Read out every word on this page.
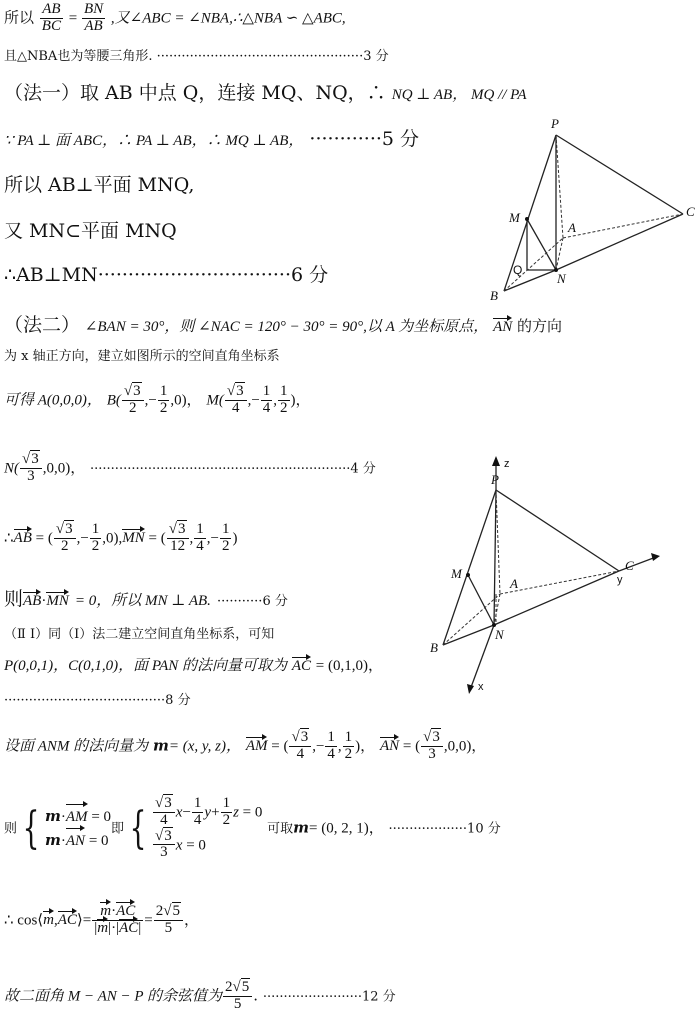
所以 $\frac{AB}{BC} = \frac{BN}{AB}$ ,又∠ABC = ∠NBA,∴△NBA ∽ △ABC,
且△NBA也为等腰三角形. ··················································3 分
（法一）取 AB 中点 Q，连接 MQ、NQ，∴ NQ ⊥ AB， MQ // PA
∵ PA ⊥ 面 ABC，∴ PA ⊥ AB，∴ MQ ⊥ AB， ············5 分
所以 AB⊥平面 MNQ,
又 MN⊂平面 MNQ
∴AB⊥MN································6 分
P
C
M
A
Q
N
B
（法二） ∠BAN = 30°，则 ∠NAC = 120° − 30° = 90°,以 A 为坐标原点， AN 的方向
为 x 轴正方向，建立如图所示的空间直角坐标系
可得 A(0,0,0)， $B( \frac{√3}{2}$ ,− $\frac{1}{2} ,0$)， $M( \frac{√3}{4}$ ,− $\frac{1}{4}$ , $\frac{1}{2}$ )，
$N( \frac{√3}{3} ,0,0)$， ·······························································4 分	z
P
M
A
C
y
B
N
x
∴AB = ( $\frac{√3}{2}$ ,− $\frac{1}{2} ,0),MN$ = ( $\frac{√3}{12}$ , $\frac{1}{4}$ ,− $\frac{1}{2}$ )
则AB·MN = 0，所以 MN ⊥ AB. ···········6 分
（Ⅱ Ⅰ）同（Ⅰ）法二建立空间直角坐标系，可知
P(0,0,1)，C(0,1,0)，面 PAN 的法向量可取为 AC = (0,1,0)，
·······································8 分
设面 ANM 的法向量为 m= (x, y, z)， AM = ( $\frac{√3}{4}$ ,− $\frac{1}{4}$ , $\frac{1}{2}$ )， AN = ( $\frac{√3}{3} ,0,0$)，
则 { m·AM = 0
m·AN = 0
即 { $\frac{√3}{4} x- \frac{1}{4} y+ \frac{1}{2}$ z = 0
$\frac{√3}{3}$ x = 0
可取m= (0, 2, 1)， ···················10 分
∴ cos⟨m,AC⟩= $\frac{m\cdot AC}{|m|\cdot|AC|} = \frac{2√5}{5}$ ，
故二面角 M − AN − P 的余弦值为 $\frac{2√5}{5}$ . ························12 分
